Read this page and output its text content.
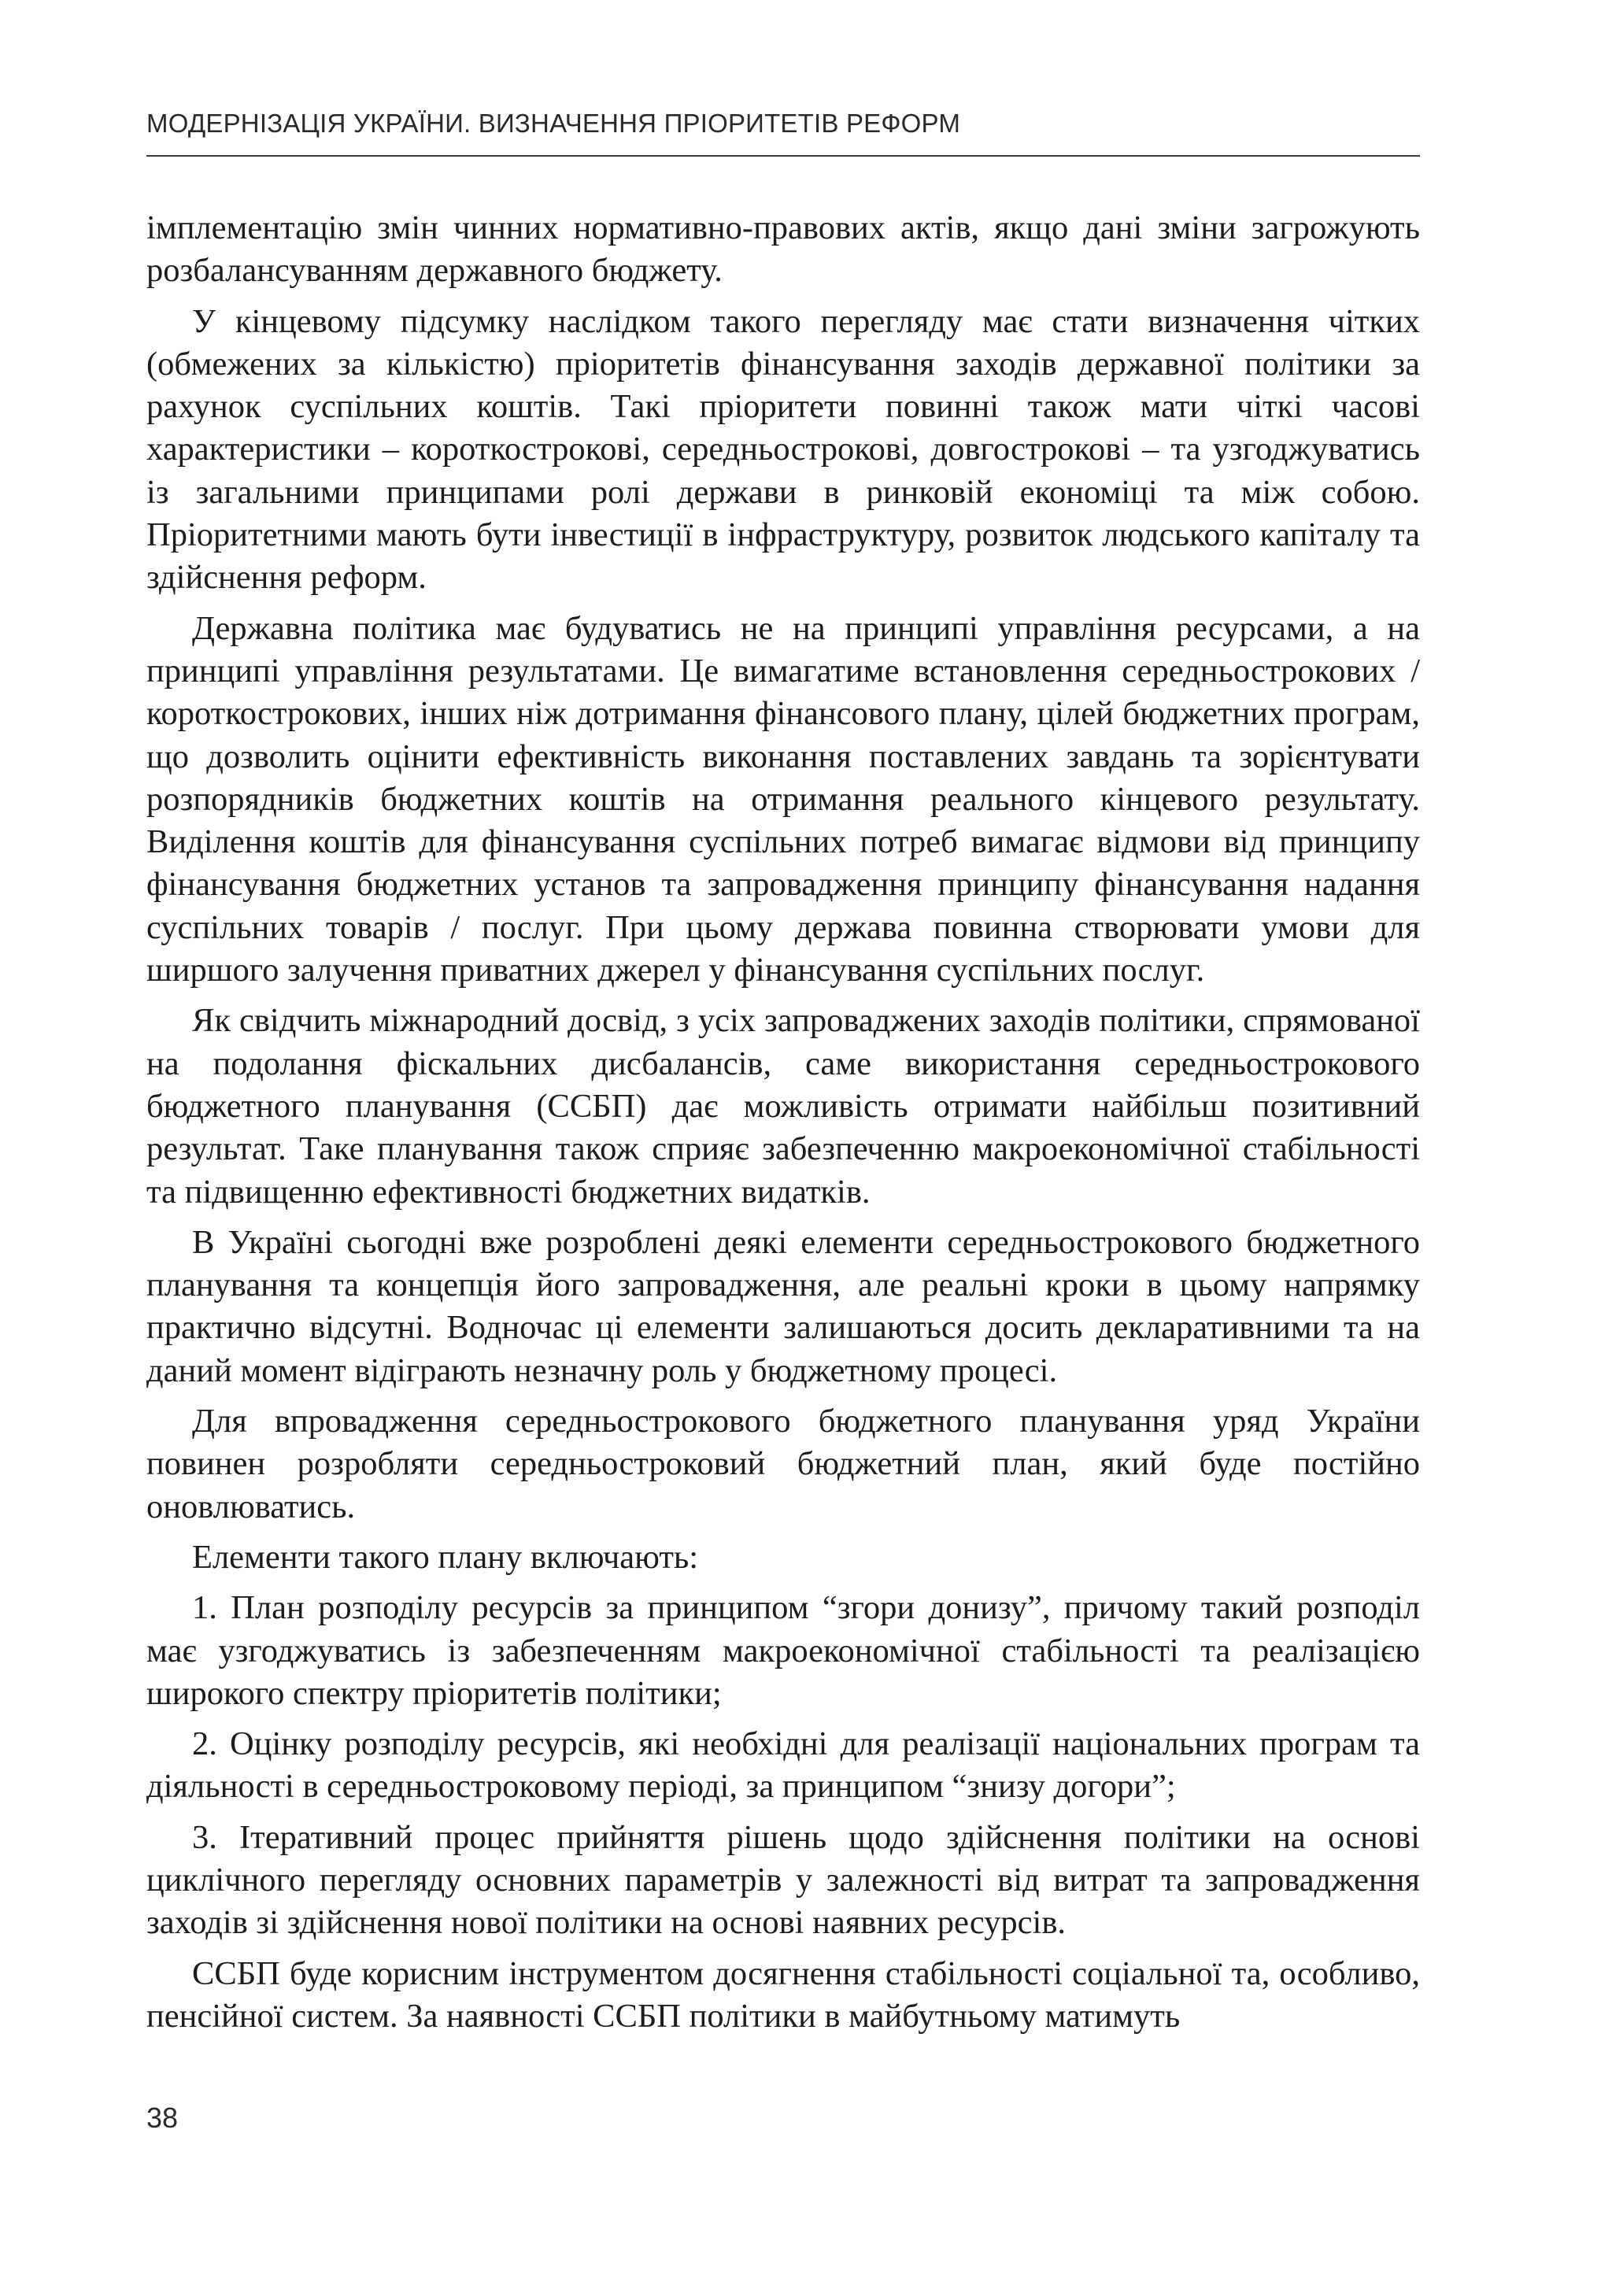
МОДЕРНІЗАЦІЯ УКРАЇНИ. ВИЗНАЧЕННЯ ПРІОРИТЕТІВ РЕФОРМ

імплементацію змін чинних нормативно-правових актів, якщо дані зміни загрожують розбалансуванням державного бюджету.

У кінцевому підсумку наслідком такого перегляду має стати визначення чітких (обмежених за кількістю) пріоритетів фінансування заходів державної політики за рахунок суспільних коштів. Такі пріоритети повинні також мати чіткі часові характеристики – короткострокові, середньострокові, довгострокові – та узгоджуватись із загальними принципами ролі держави в ринковій економіці та між собою. Пріоритетними мають бути інвестиції в інфраструктуру, розвиток людського капіталу та здійснення реформ.

Державна політика має будуватись не на принципі управління ресурсами, а на принципі управління результатами. Це вимагатиме встановлення середньострокових / короткострокових, інших ніж дотримання фінансового плану, цілей бюджетних програм, що дозволить оцінити ефективність виконання поставлених завдань та зорієнтувати розпорядників бюджетних коштів на отримання реального кінцевого результату. Виділення коштів для фінансування суспільних потреб вимагає відмови від принципу фінансування бюджетних установ та запровадження принципу фінансування надання суспільних товарів / послуг. При цьому держава повинна створювати умови для ширшого залучення приватних джерел у фінансування суспільних послуг.

Як свідчить міжнародний досвід, з усіх запроваджених заходів політики, спрямованої на подолання фіскальних дисбалансів, саме використання середньострокового бюджетного планування (ССБП) дає можливість отримати найбільш позитивний результат. Таке планування також сприяє забезпеченню макроекономічної стабільності та підвищенню ефективності бюджетних видатків.

В Україні сьогодні вже розроблені деякі елементи середньострокового бюджетного планування та концепція його запровадження, але реальні кроки в цьому напрямку практично відсутні. Водночас ці елементи залишаються досить декларативними та на даний момент відіграють незначну роль у бюджетному процесі.

Для впровадження середньострокового бюджетного планування уряд України повинен розробляти середньостроковий бюджетний план, який буде постійно оновлюватись.

Елементи такого плану включають:

1. План розподілу ресурсів за принципом “згори донизу”, причому такий розподіл має узгоджуватись із забезпеченням макроекономічної стабільності та реалізацією широкого спектру пріоритетів політики;

2. Оцінку розподілу ресурсів, які необхідні для реалізації національних програм та діяльності в середньостроковому періоді, за принципом “знизу догори”;

3. Ітеративний процес прийняття рішень щодо здійснення політики на основі циклічного перегляду основних параметрів у залежності від витрат та запровадження заходів зі здійснення нової політики на основі наявних ресурсів.

ССБП буде корисним інструментом досягнення стабільності соціальної та, особливо, пенсійної систем. За наявності ССБП політики в майбутньому матимуть

38
